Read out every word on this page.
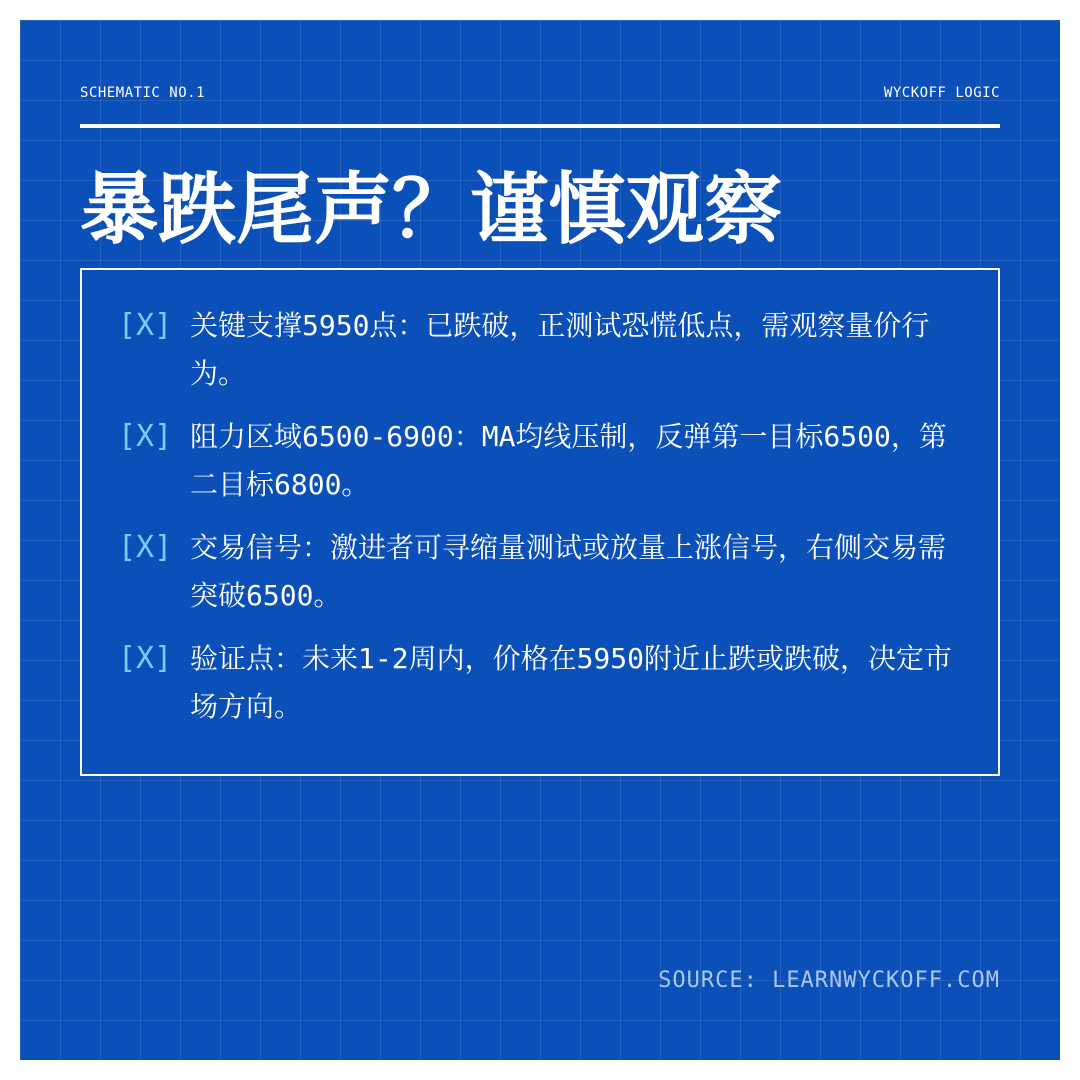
SCHEMATIC NO.1	WYCKOFF LOGIC
暴跌尾声？谨慎观察
[X] 关键支撑5950点：已跌破，正测试恐慌低点，需观察量价行为。
[X] 阻力区域6500-6900：MA均线压制，反弹第一目标6500，第二目标6800。
[X] 交易信号：激进者可寻缩量测试或放量上涨信号，右侧交易需突破6500。
[X] 验证点：未来1-2周内，价格在5950附近止跌或跌破，决定市场方向。
SOURCE: LEARNWYCKOFF.COM
